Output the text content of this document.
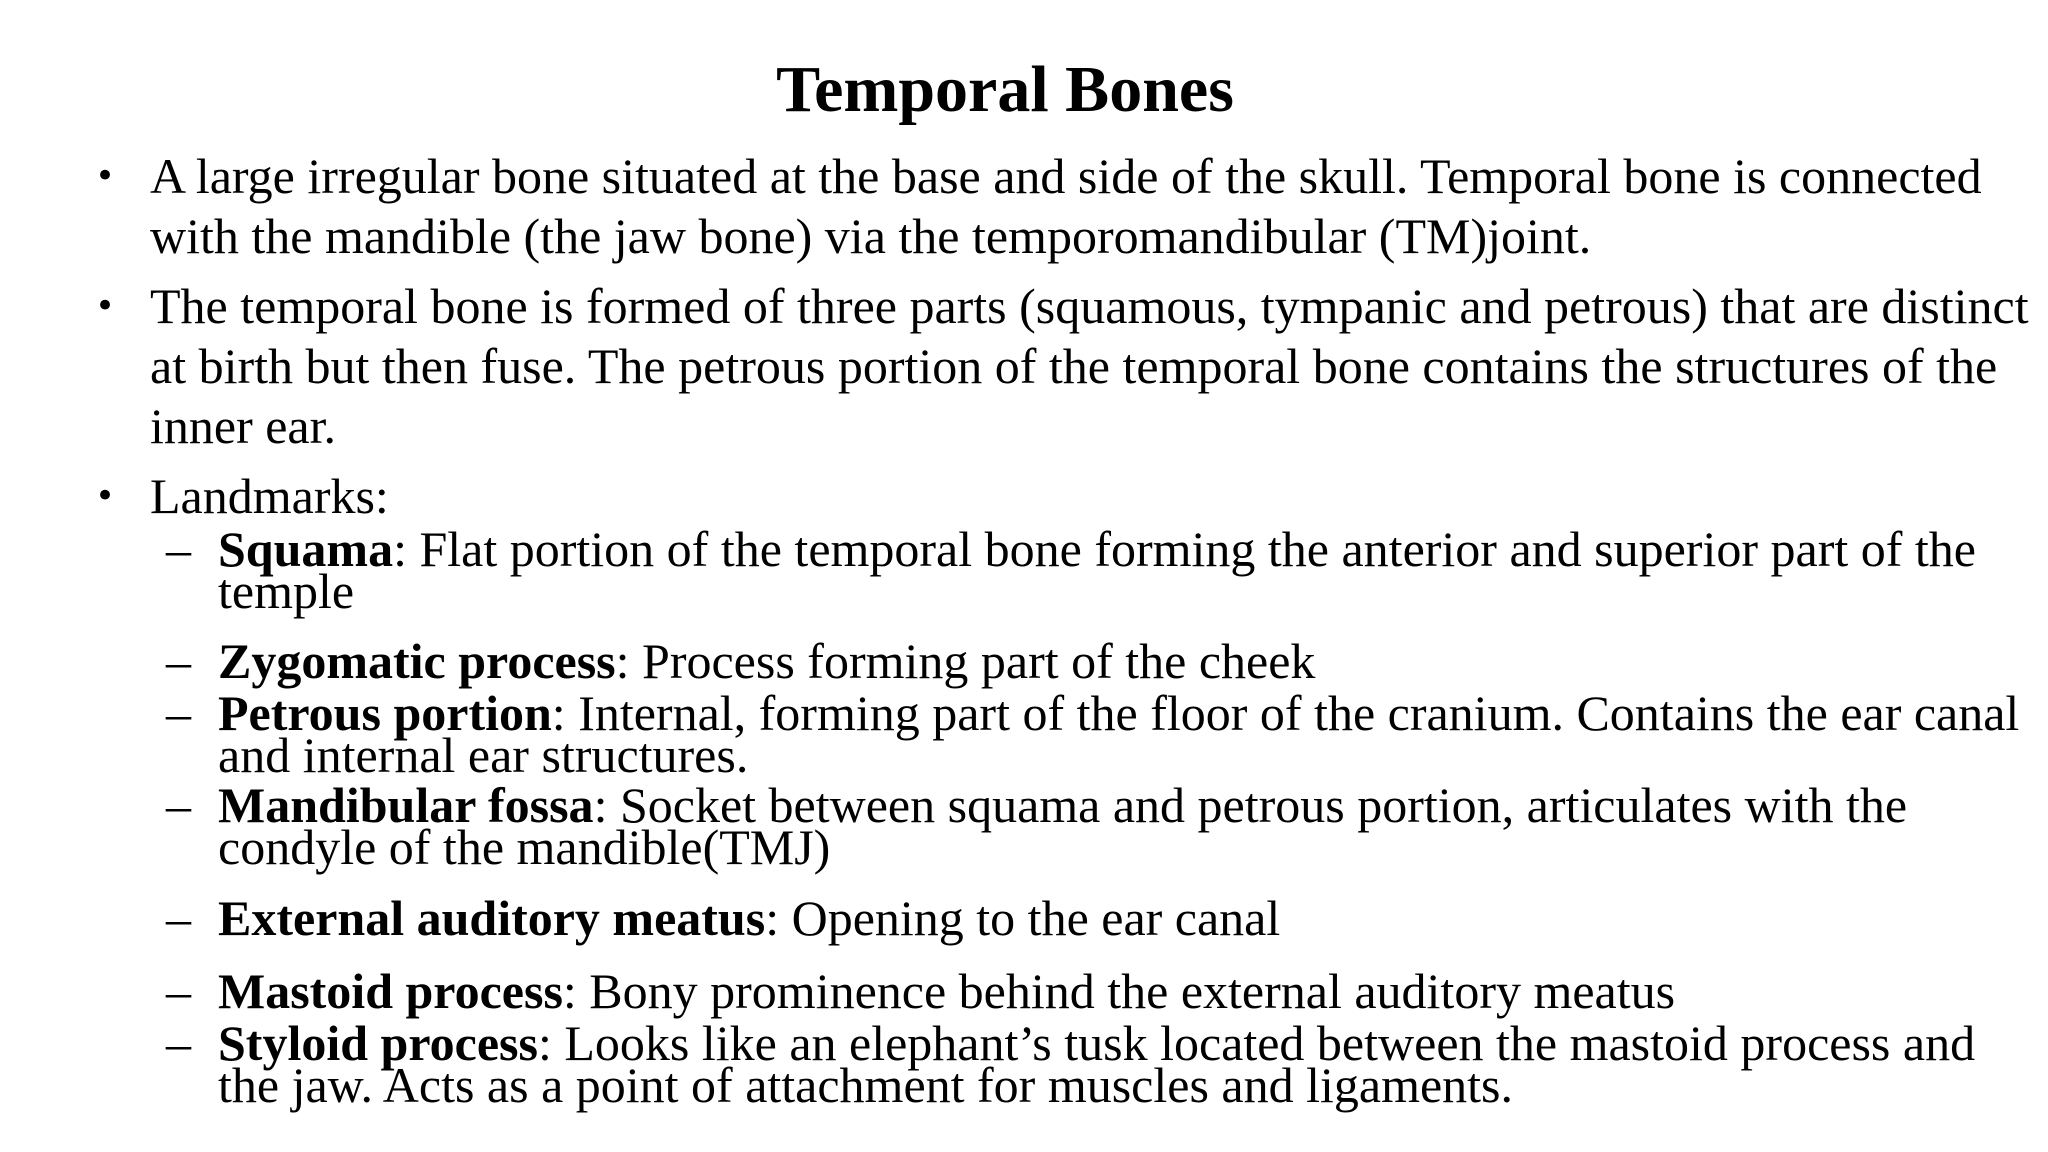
Temporal Bones
• A large irregular bone situated at the base and side of the skull. Temporal bone is connected with the mandible (the jaw bone) via the temporomandibular (TM)joint.
• The temporal bone is formed of three parts (squamous, tympanic and petrous) that are distinct at birth but then fuse. The petrous portion of the temporal bone contains the structures of the inner ear.
• Landmarks:
– Squama: Flat portion of the temporal bone forming the anterior and superior part of the temple
– Zygomatic process: Process forming part of the cheek
– Petrous portion: Internal, forming part of the floor of the cranium. Contains the ear canal and internal ear structures.
– Mandibular fossa: Socket between squama and petrous portion, articulates with the condyle of the mandible(TMJ)
– External auditory meatus: Opening to the ear canal
– Mastoid process: Bony prominence behind the external auditory meatus
– Styloid process: Looks like an elephant’s tusk located between the mastoid process and the jaw. Acts as a point of attachment for muscles and ligaments.
